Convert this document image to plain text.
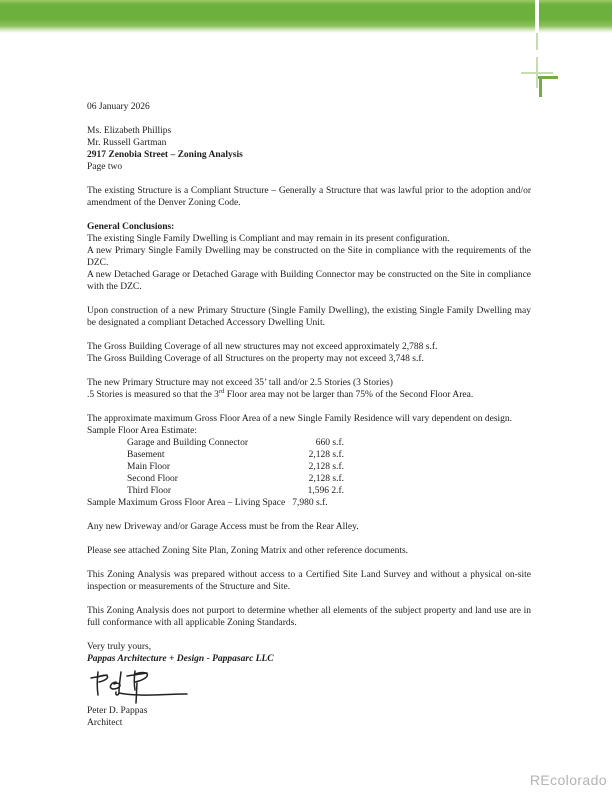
06 January 2026

Ms. Elizabeth Phillips

Mr. Russell Gartman

2917 Zenobia Street – Zoning Analysis

Page two

The existing Structure is a Compliant Structure – Generally a Structure that was lawful prior to the adoption and/or amendment of the Denver Zoning Code.

General Conclusions:

The existing Single Family Dwelling is Compliant and may remain in its present configuration.

A new Primary Single Family Dwelling may be constructed on the Site in compliance with the requirements of the DZC.

A new Detached Garage or Detached Garage with Building Connector may be constructed on the Site in compliance with the DZC.

Upon construction of a new Primary Structure (Single Family Dwelling), the existing Single Family Dwelling may be designated a compliant Detached Accessory Dwelling Unit.

The Gross Building Coverage of all new structures may not exceed approximately 2,788 s.f.

The Gross Building Coverage of all Structures on the property may not exceed 3,748 s.f.

The new Primary Structure may not exceed 35’ tall and/or 2.5 Stories (3 Stories)

.5 Stories is measured so that the 3rd Floor area may not be larger than 75% of the Second Floor Area.

The approximate maximum Gross Floor Area of a new Single Family Residence will vary dependent on design.

Sample Floor Area Estimate:

Garage and Building Connector	660 s.f.
Basement	2,128 s.f.
Main Floor	2,128 s.f.
Second Floor	2,128 s.f.
Third Floor	1,596 2.f.

Sample Maximum Gross Floor Area – Living Space   7,980 s.f.

Any new Driveway and/or Garage Access must be from the Rear Alley.

Please see attached Zoning Site Plan, Zoning Matrix and other reference documents.

This Zoning Analysis was prepared without access to a Certified Site Land Survey and without a physical on-site inspection or measurements of the Structure and Site.

This Zoning Analysis does not purport to determine whether all elements of the subject property and land use are in full conformance with all applicable Zoning Standards.

Very truly yours,

Pappas Architecture + Design - Pappasarc LLC

Peter D. Pappas

Architect

REcolorado
